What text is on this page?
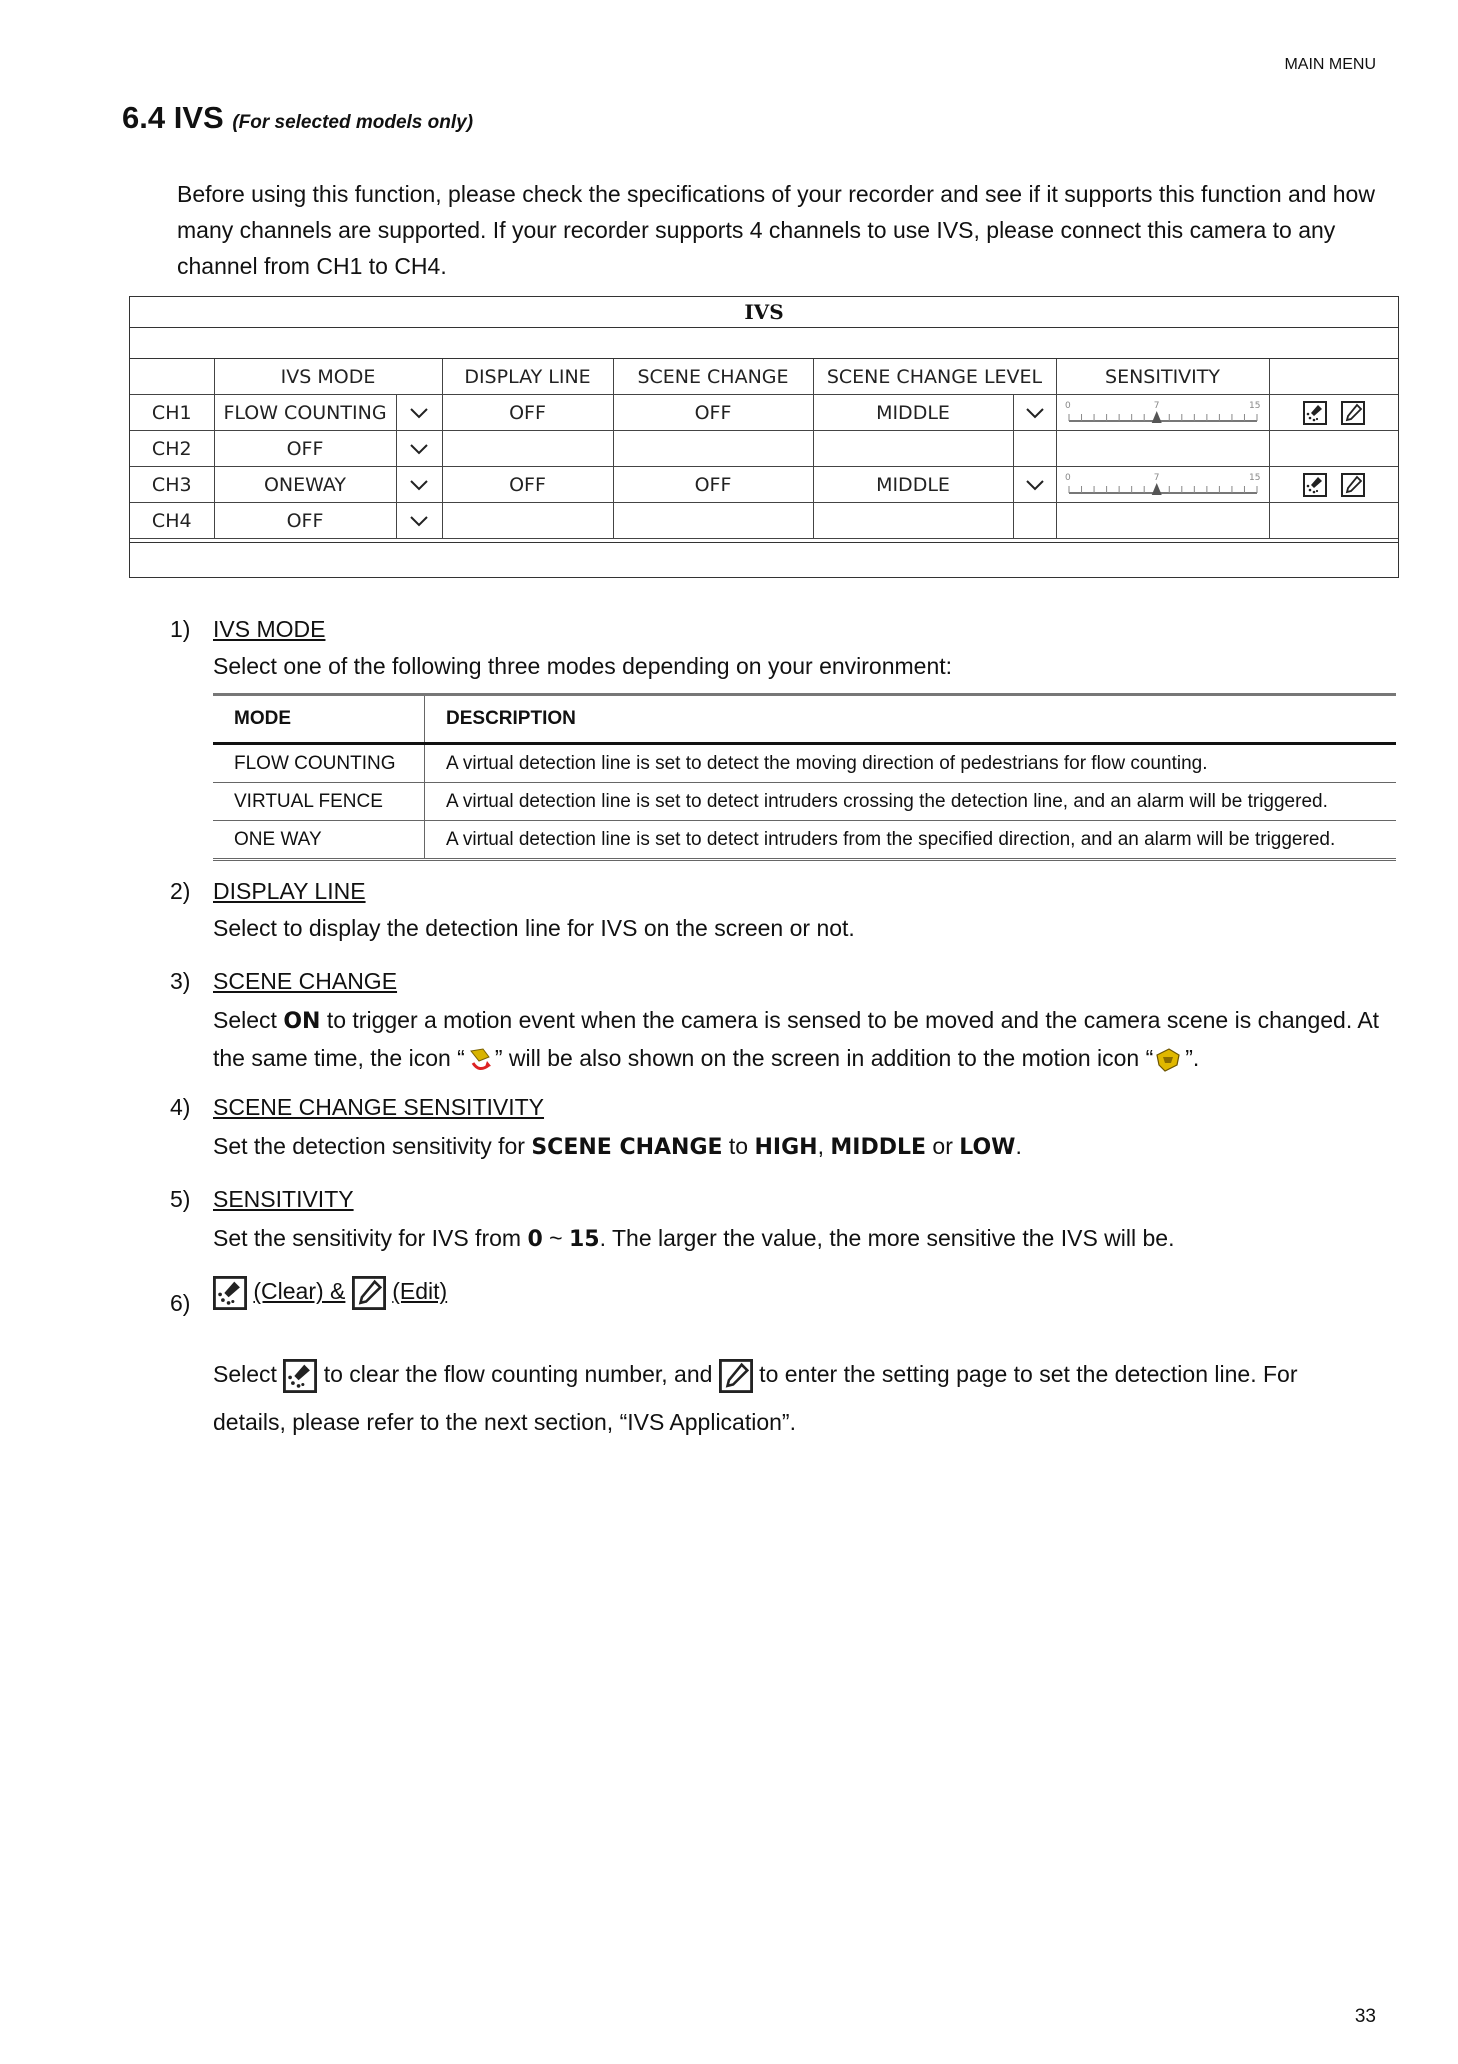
MAIN MENU
6.4 IVS (For selected models only)
Before using this function, please check the specifications of your recorder and see if it supports this function and how many channels are supported. If your recorder supports 4 channels to use IVS, please connect this camera to any channel from CH1 to CH4.
IVS
	IVS MODE		DISPLAY LINE	SCENE CHANGE	SCENE CHANGE LEVEL		SENSITIVITY	
CH1	FLOW COUNTING		OFF	OFF	MIDDLE		0 7 15

CH2	OFF							
CH3	ONEWAY		OFF	OFF	MIDDLE		0 7 15

CH4	OFF							
1) IVS MODE
Select one of the following three modes depending on your environment:
MODE	DESCRIPTION
FLOW COUNTING	A virtual detection line is set to detect the moving direction of pedestrians for flow counting.
VIRTUAL FENCE	A virtual detection line is set to detect intruders crossing the detection line, and an alarm will be triggered.
ONE WAY	A virtual detection line is set to detect intruders from the specified direction, and an alarm will be triggered.
2) DISPLAY LINE
Select to display the detection line for IVS on the screen or not.
3) SCENE CHANGE
Select ON to trigger a motion event when the camera is sensed to be moved and the camera scene is changed. At the same time, the icon “ ” will be also shown on the screen in addition to the motion icon “ ”.
4) SCENE CHANGE SENSITIVITY
Set the detection sensitivity for SCENE CHANGE to HIGH, MIDDLE or LOW.
5) SENSITIVITY
Set the sensitivity for IVS from 0 ~ 15. The larger the value, the more sensitive the IVS will be.
6)	(Clear) & (Edit)
Select  to clear the flow counting number, and  to enter the setting page to set the detection line. For
details, please refer to the next section, “IVS Application”.
33
